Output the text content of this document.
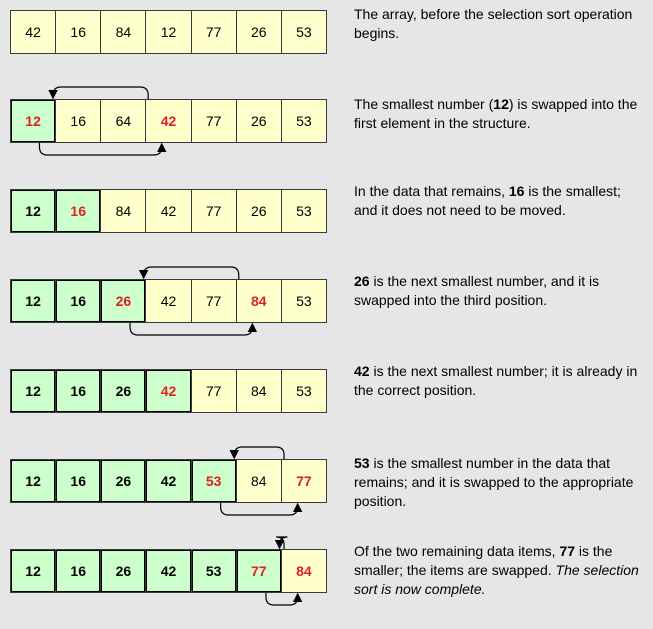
42	16	84	12	77	26	53
The array, before the selection sort operation begins.
12	16	64	42	77	26	53
The smallest number (12) is swapped into the first element in the structure.
12	16	84	42	77	26	53
In the data that remains, 16 is the smallest; and it does not need to be moved.
12	16	26	42	77	84	53
26 is the next smallest number, and it is swapped into the third position.
12	16	26	42	77	84	53
42 is the next smallest number; it is already in the correct position.
12	16	26	42	53	84	77
53 is the smallest number in the data that remains; and it is swapped to the appropriate position.
12	16	26	42	53	77	84
Of the two remaining data items, 77 is the smaller; the items are swapped. The selection sort is now complete.
